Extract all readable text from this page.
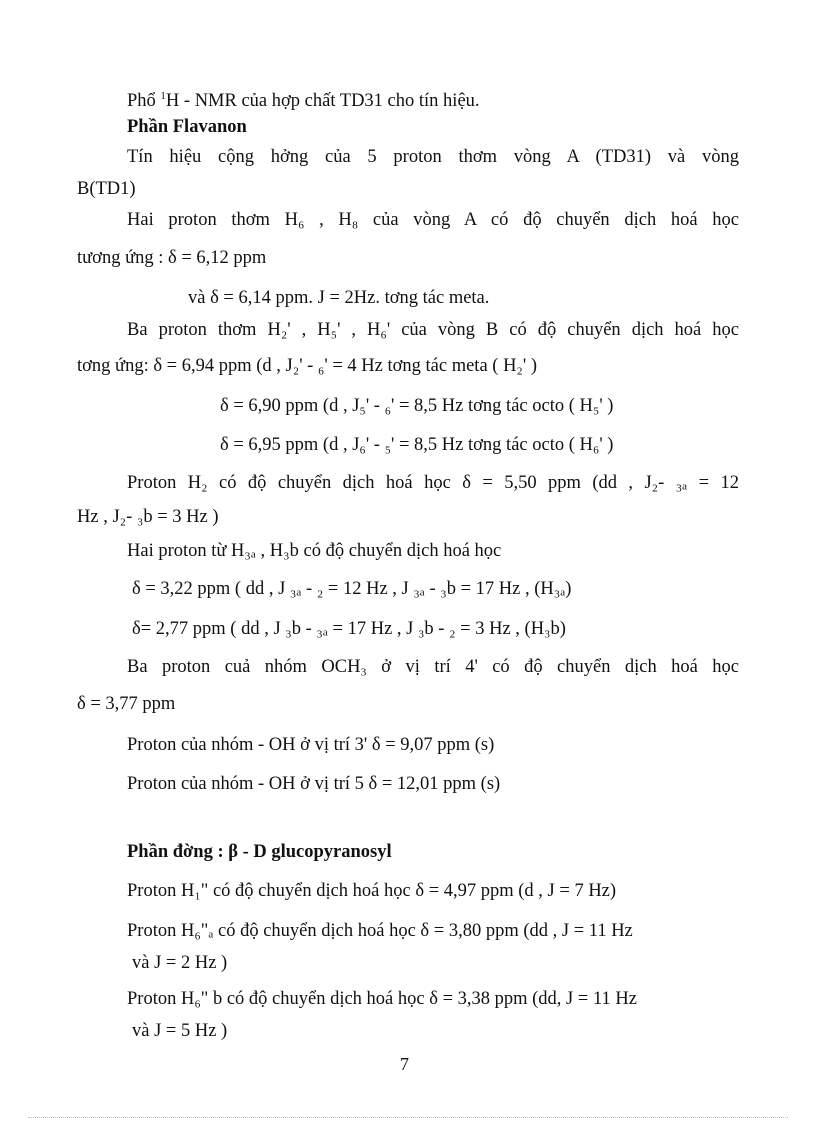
Phổ $^1$H - NMR của hợp chất TD31 cho tín hiệu.
Phần Flavanon
Tín hiệu cộng hởng của 5 proton thơm vòng A (TD31) và vòng
B(TD1)
Hai proton thơm H₆ , H₈ của vòng A có độ chuyển dịch hoá học
tương ứng : δ = 6,12 ppm
và δ = 6,14 ppm. J = 2Hz. tơng tác meta.
Ba proton thơm H₂' , H₅' , H₆' của vòng B có độ chuyển dịch hoá học
tơng ứng: δ = 6,94 ppm (d , J₂' - ₆' = 4 Hz tơng tác meta ( H₂' )
δ = 6,90 ppm (d , J₅' - ₆' = 8,5 Hz tơng tác octo ( H₅' )
δ = 6,95 ppm (d , J₆' - ₅' = 8,5 Hz tơng tác octo ( H₆' )
Proton H₂ có độ chuyển dịch hoá học δ = 5,50 ppm (dd , J₂- ₃ₐ = 12
Hz , J₂- ₃b = 3 Hz )
Hai proton từ H₃ₐ , H₃b có độ chuyển dịch hoá học
δ = 3,22 ppm ( dd , J ₃ₐ - ₂ = 12 Hz , J ₃ₐ - ₃b = 17 Hz , (H₃ₐ)
δ= 2,77 ppm ( dd , J ₃b - ₃ₐ = 17 Hz , J ₃b - ₂ = 3 Hz , (H₃b)
Ba proton cuả nhóm OCH₃ ở vị trí 4' có độ chuyển dịch hoá học
δ = 3,77 ppm
Proton của nhóm - OH ở vị trí 3' δ = 9,07 ppm (s)
Proton của nhóm - OH ở vị trí 5 δ = 12,01 ppm (s)
Phần đờng : β - D glucopyranosyl
Proton H₁" có độ chuyển dịch hoá học δ = 4,97 ppm (d , J = 7 Hz)
Proton H₆"ₐ có độ chuyển dịch hoá học δ = 3,80 ppm (dd , J = 11 Hz
và J = 2 Hz )
Proton H₆" b có độ chuyển dịch hoá học δ = 3,38 ppm (dd, J = 11 Hz
và J = 5 Hz )
7
